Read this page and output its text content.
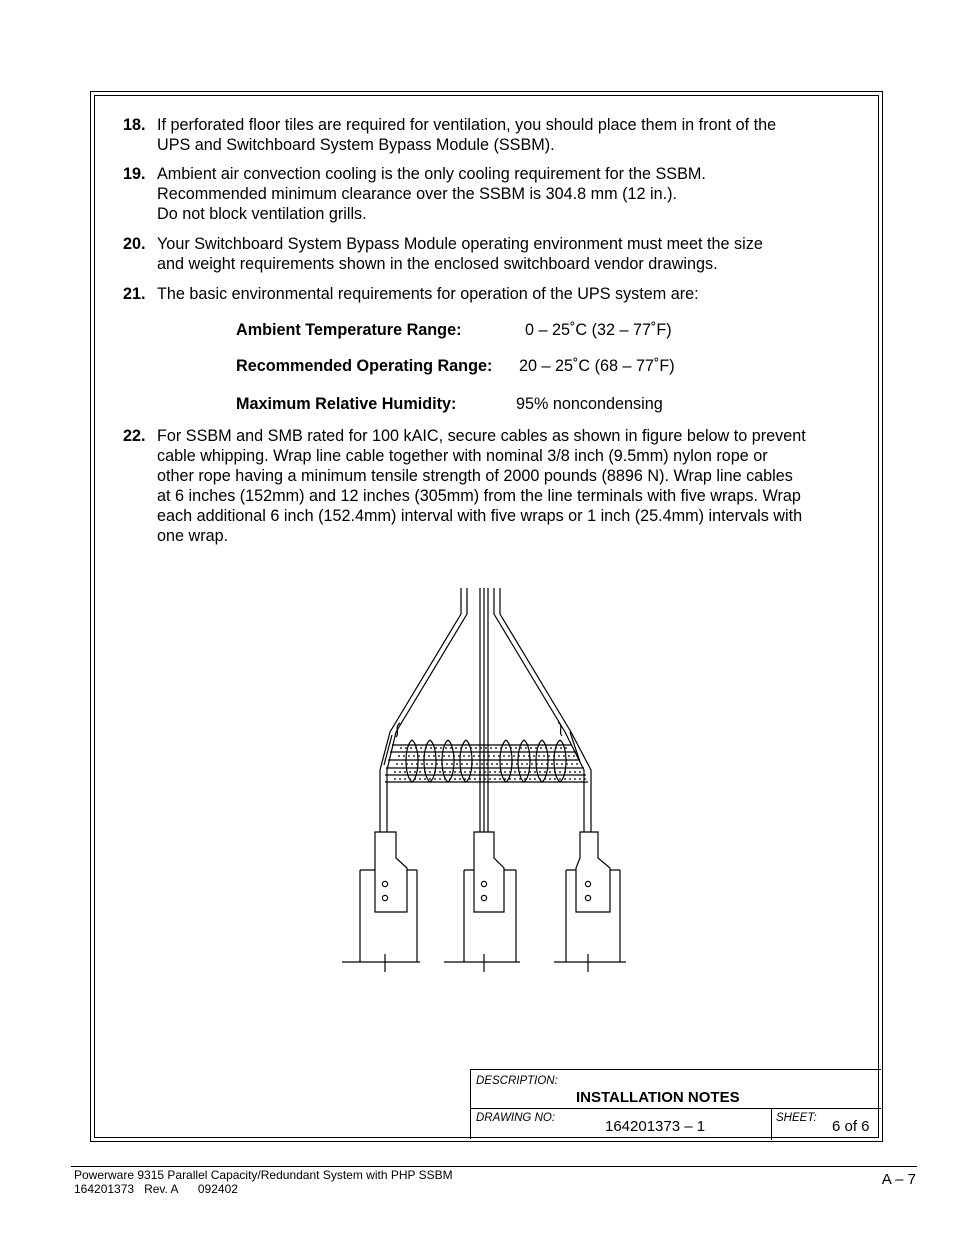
18. If perforated floor tiles are required for ventilation, you should place them in front of the
UPS and Switchboard System Bypass Module (SSBM).
19. Ambient air convection cooling is the only cooling requirement for the SSBM.
Recommended minimum clearance over the SSBM is 304.8 mm (12 in.).
Do not block ventilation grills.
20. Your Switchboard System Bypass Module operating environment must meet the size
and weight requirements shown in the enclosed switchboard vendor drawings.
21. The basic environmental requirements for operation of the UPS system are:
Ambient Temperature Range:	0 – 25˚C (32 – 77˚F)
Recommended Operating Range: 20 – 25˚C (68 – 77˚F)
Maximum Relative Humidity:	95% noncondensing
22. For SSBM and SMB rated for 100 kAIC, secure cables as shown in figure below to prevent
cable whipping. Wrap line cable together with nominal 3/8 inch (9.5mm) nylon rope or
other rope having a minimum tensile strength of 2000 pounds (8896 N). Wrap line cables
at 6 inches (152mm) and 12 inches (305mm) from the line terminals with five wraps. Wrap
each additional 6 inch (152.4mm) interval with five wraps or 1 inch (25.4mm) intervals with
one wrap.
DESCRIPTION:
INSTALLATION NOTES
DRAWING NO:	164201373 – 1	SHEET: 6 of 6
Powerware 9315 Parallel Capacity/Redundant System with PHP SSBM
164201373   Rev. A      092402
A – 7
